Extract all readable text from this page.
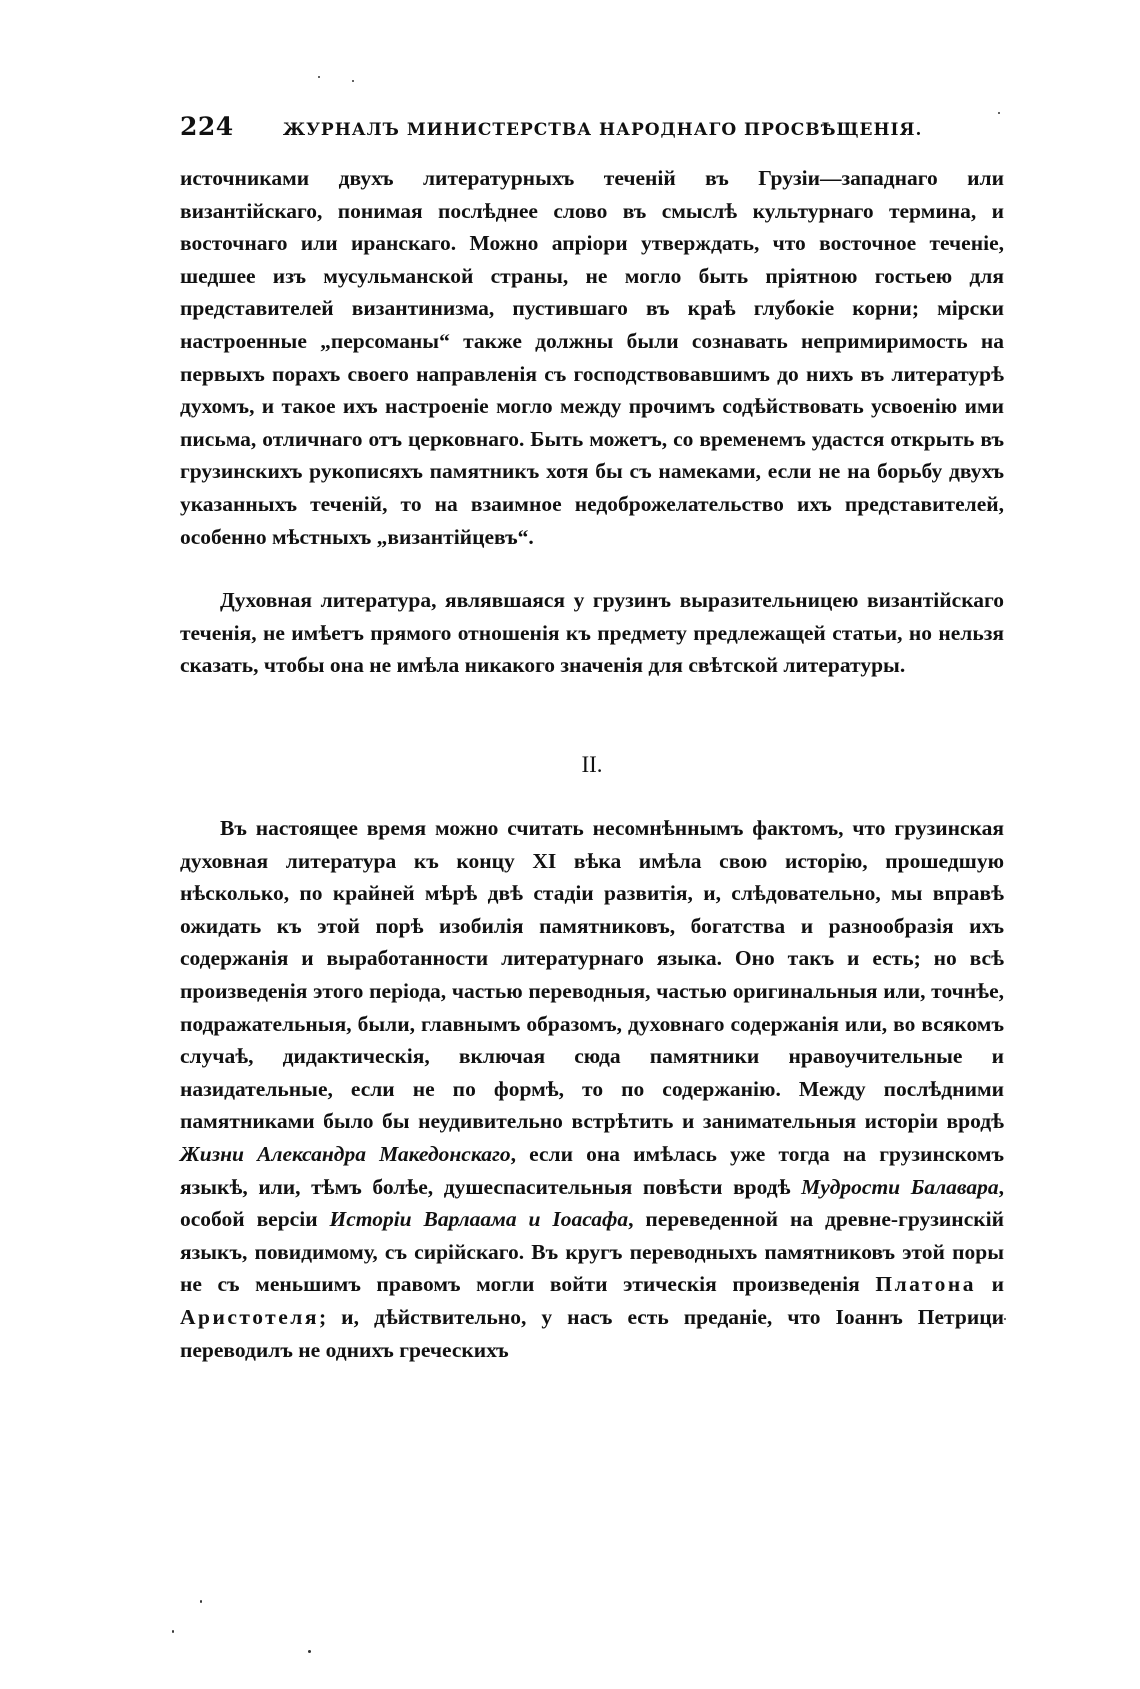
224	ЖУРНАЛЪ МИНИСТЕРСТВА НАРОДНАГО ПРОСВѢЩЕНІЯ.

источниками двухъ литературныхъ теченій въ Грузіи—западнаго или византійскаго, понимая послѣднее слово въ смыслѣ культурнаго термина, и восточнаго или иранскаго. Можно апріори утверждать, что восточное теченіе, шедшее изъ мусульманской страны, не могло быть пріятною гостьею для представителей византинизма, пустившаго въ краѣ глубокіе корни; мірски настроенные „персоманы“ также должны были сознавать непримиримость на первыхъ порахъ своего направленія съ господствовавшимъ до нихъ въ литературѣ духомъ, и такое ихъ настроеніе могло между прочимъ содѣйствовать усвоенію ими письма, отличнаго отъ церковнаго. Быть можетъ, со временемъ удастся открыть въ грузинскихъ рукописяхъ памятникъ хотя бы съ намеками, если не на борьбу двухъ указанныхъ теченій, то на взаимное недоброжелательство ихъ представителей, особенно мѣстныхъ „византійцевъ“.

Духовная литература, являвшаяся у грузинъ выразительницею византійскаго теченія, не имѣетъ прямого отношенія къ предмету предлежащей статьи, но нельзя сказать, чтобы она не имѣла никакого значенія для свѣтской литературы.

II.

Въ настоящее время можно считать несомнѣннымъ фактомъ, что грузинская духовная литература къ концу XI вѣка имѣла свою исторію, прошедшую нѣсколько, по крайней мѣрѣ двѣ стадіи развитія, и, слѣдовательно, мы вправѣ ожидать къ этой порѣ изобилія памятниковъ, богатства и разнообразія ихъ содержанія и выработанности литературнаго языка. Оно такъ и есть; но всѣ произведенія этого періода, частью переводныя, частью оригинальныя или, точнѣе, подражательныя, были, главнымъ образомъ, духовнаго содержанія или, во всякомъ случаѣ, дидактическія, включая сюда памятники нравоучительные и назидательные, если не по формѣ, то по содержанію. Между послѣдними памятниками было бы неудивительно встрѣтить и занимательныя исторіи вродѣ Жизни Александра Македонскаго, если она имѣлась уже тогда на грузинскомъ языкѣ, или, тѣмъ болѣе, душеспасительныя повѣсти вродѣ Мудрости Балавара, особой версіи Исторіи Варлаама и Іоасафа, переведенной на древне-грузинскій языкъ, повидимому, съ сирійскаго. Въ кругъ переводныхъ памятниковъ этой поры не съ меньшимъ правомъ могли войти этическія произведенія Платона и Аристотеля; и, дѣйствительно, у насъ есть преданіе, что Іоаннъ Петрици переводилъ не однихъ греческихъ
